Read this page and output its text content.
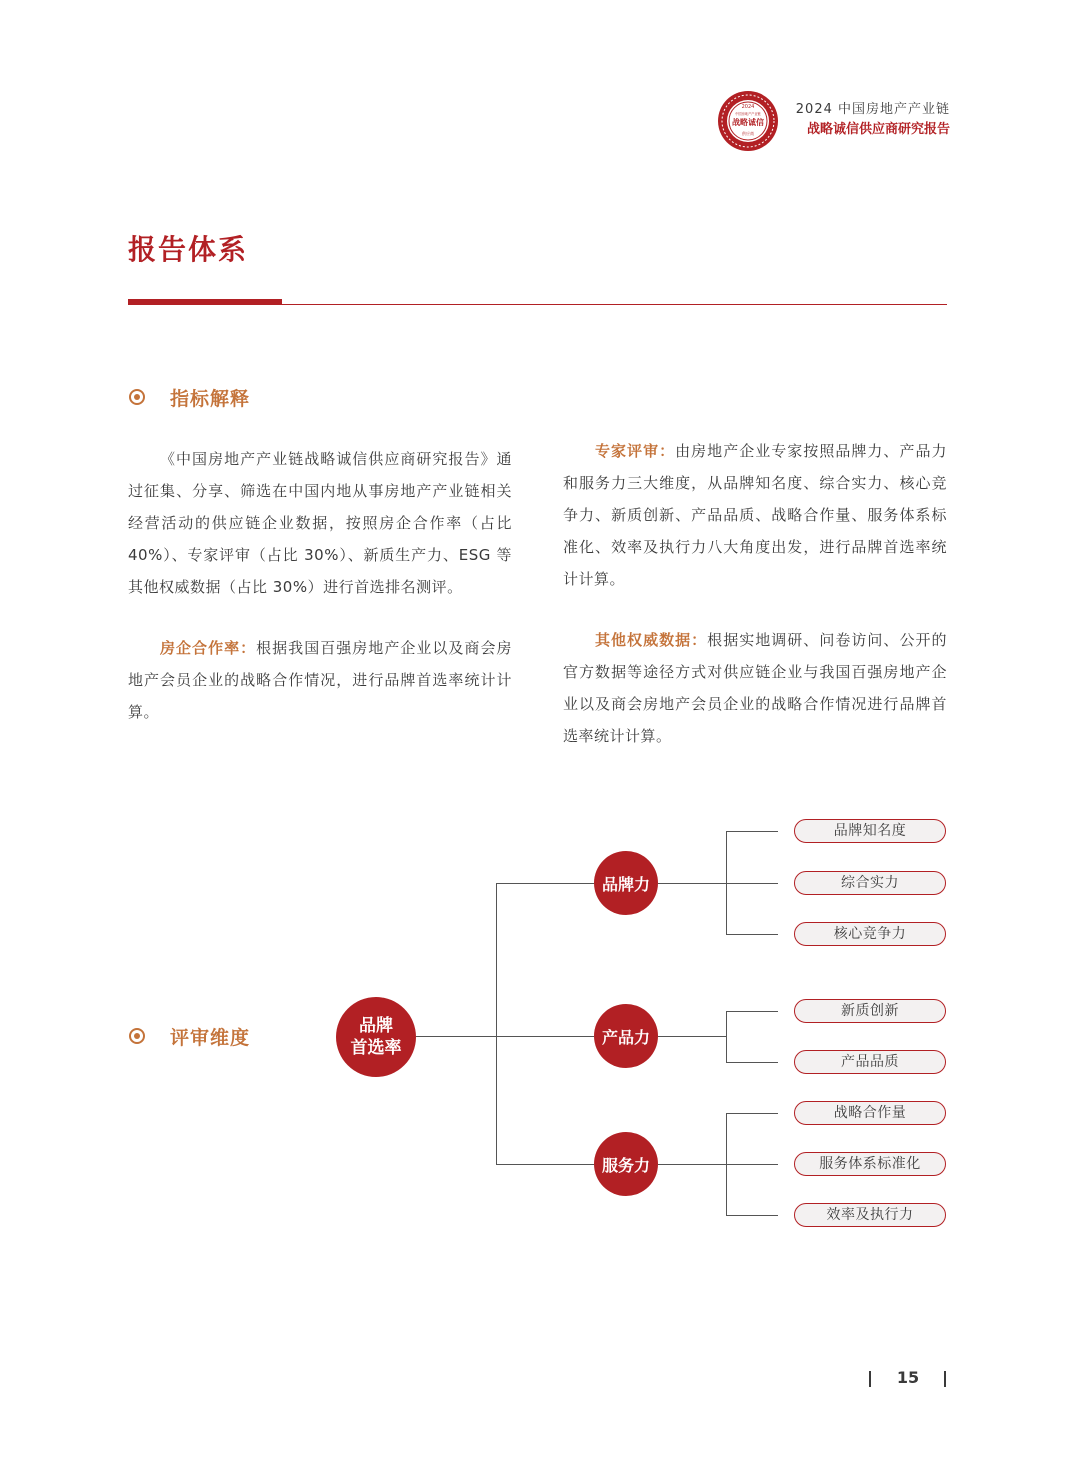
2024
中国房地产产业链
战略诚信
供应商
2024 中国房地产产业链
战略诚信供应商研究报告
报告体系
指标解释
《中国房地产产业链战略诚信供应商研究报告》通过征集、分享、筛选在中国内地从事房地产产业链相关经营活动的供应链企业数据，按照房企合作率（占比 40%）、专家评审（占比 30%）、新质生产力、ESG 等其他权威数据（占比 30%）进行首选排名测评。
房企合作率：根据我国百强房地产企业以及商会房地产会员企业的战略合作情况，进行品牌首选率统计计算。
专家评审：由房地产企业专家按照品牌力、产品力和服务力三大维度，从品牌知名度、综合实力、核心竞争力、新质创新、产品品质、战略合作量、服务体系标准化、效率及执行力八大角度出发，进行品牌首选率统计计算。
其他权威数据：根据实地调研、问卷访问、公开的官方数据等途径方式对供应链企业与我国百强房地产企业以及商会房地产会员企业的战略合作情况进行品牌首选率统计计算。
评审维度
品牌
首选率
品牌力
产品力
服务力
品牌知名度
综合实力
核心竞争力
新质创新
产品品质
战略合作量
服务体系标准化
效率及执行力
15
